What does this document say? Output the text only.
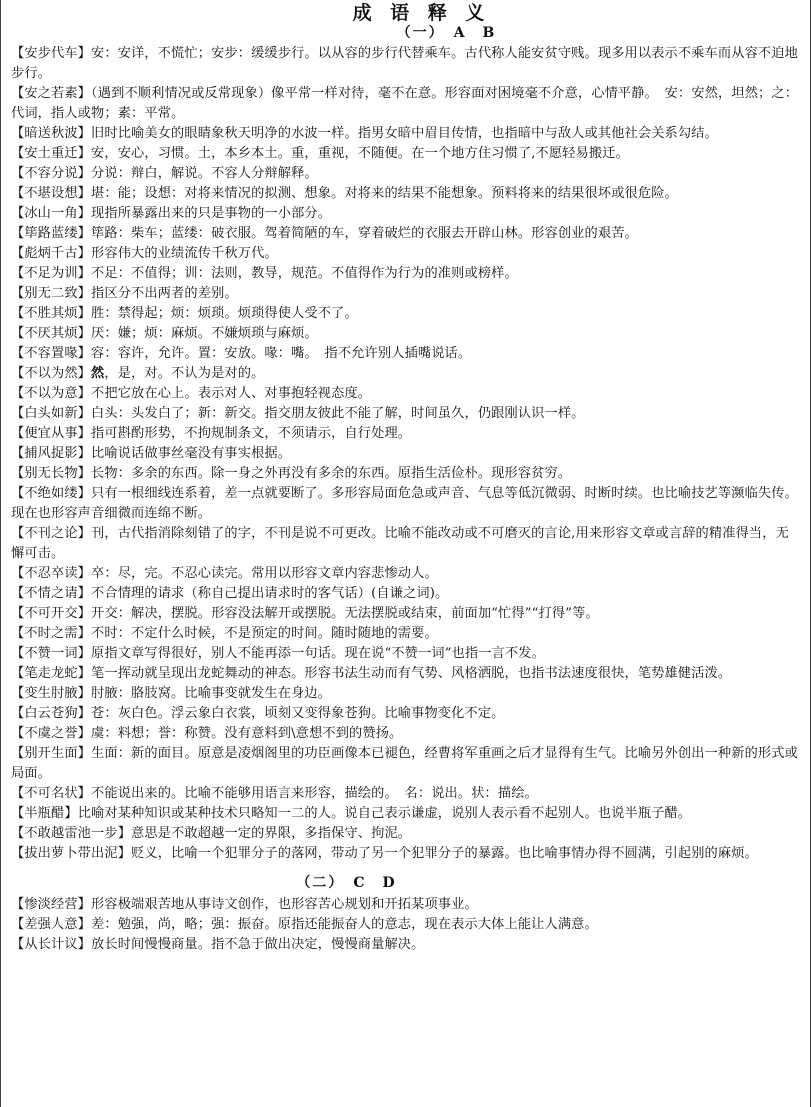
成 语 释 义
（一）　A　B

【安步代车】安：安详，不慌忙；安步：缓缓步行。以从容的步行代替乘车。古代称人能安贫守贱。现多用以表示不乘车而从容不迫地步行。

【安之若素】（遇到不顺利情况或反常现象）像平常一样对待，毫不在意。形容面对困境毫不介意，心情平静。　安：安然，坦然；之：代词，指人或物；素：平常。

【暗送秋波】旧时比喻美女的眼睛象秋天明净的水波一样。指男女暗中眉目传情，也指暗中与敌人或其他社会关系勾结。

【安土重迁】安，安心，习惯。土，本乡本土。重，重视，不随便。在一个地方住习惯了,不愿轻易搬迁。

【不容分说】分说：辩白，解说。不容人分辩解释。

【不堪设想】堪：能；设想：对将来情况的拟测、想象。对将来的结果不能想象。预料将来的结果很坏或很危险。

【冰山一角】现指所暴露出来的只是事物的一小部分。

【筚路蓝缕】筚路：柴车；蓝缕：破衣服。驾着简陋的车，穿着破烂的衣服去开辟山林。形容创业的艰苦。

【彪炳千古】形容伟大的业绩流传千秋万代。

【不足为训】不足：不值得；训：法则，教导，规范。不值得作为行为的准则或榜样。

【别无二致】指区分不出两者的差别。

【不胜其烦】胜：禁得起；烦：烦琐。烦琐得使人受不了。

【不厌其烦】厌：嫌；烦：麻烦。不嫌烦琐与麻烦。

【不容置喙】容：容许，允许。置：安放。喙：嘴。　指不允许别人插嘴说话。

【不以为然】然，是，对。不认为是对的。

【不以为意】不把它放在心上。表示对人、对事抱轻视态度。

【白头如新】白头：头发白了；新：新交。指交朋友彼此不能了解，时间虽久，仍跟刚认识一样。

【便宜从事】指可斟酌形势，不拘规制条文，不须请示，自行处理。

【捕风捉影】比喻说话做事丝毫没有事实根据。

【别无长物】长物：多余的东西。除一身之外再没有多余的东西。原指生活俭朴。现形容贫穷。

【不绝如缕】只有一根细线连系着，差一点就要断了。多形容局面危急或声音、气息等低沉微弱、时断时续。也比喻技艺等濒临失传。现在也形容声音细微而连绵不断。

【不刊之论】刊，古代指消除刻错了的字，不刊是说不可更改。比喻不能改动或不可磨灭的言论,用来形容文章或言辞的精准得当，无懈可击。

【不忍卒读】卒：尽，完。不忍心读完。常用以形容文章内容悲惨动人。

【不情之请】不合情理的请求（称自己提出请求时的客气话）(自谦之词)。

【不可开交】开交：解决，摆脱。形容没法解开或摆脱。无法摆脱或结束，前面加“忙得”“打得”等。

【不时之需】不时：不定什么时候，不是预定的时间。随时随地的需要。

【不赞一词】原指文章写得很好，别人不能再添一句话。现在说“不赞一词”也指一言不发。

【笔走龙蛇】笔一挥动就呈现出龙蛇舞动的神态。形容书法生动而有气势、风格洒脱，也指书法速度很快，笔势雄健活泼。

【变生肘腋】肘腋：胳肢窝。比喻事变就发生在身边。

【白云苍狗】苍：灰白色。浮云象白衣裳，顷刻又变得象苍狗。比喻事物变化不定。

【不虞之誉】虞：料想；誉：称赞。没有意料到\意想不到的赞扬。

【别开生面】生面：新的面目。原意是凌烟阁里的功臣画像本已褪色，经曹将军重画之后才显得有生气。比喻另外创出一种新的形式或局面。

【不可名状】不能说出来的。比喻不能够用语言来形容，描绘的。　名：说出。状：描绘。

【半瓶醋】比喻对某种知识或某种技术只略知一二的人。说自己表示谦虚，说别人表示看不起别人。也说半瓶子醋。

【不敢越雷池一步】意思是不敢超越一定的界限，多指保守、拘泥。

【拔出萝卜带出泥】贬义，比喻一个犯罪分子的落网，带动了另一个犯罪分子的暴露。也比喻事情办得不圆满，引起别的麻烦。

（二）　C　D

【惨淡经营】形容极端艰苦地从事诗文创作，也形容苦心规划和开拓某项事业。

【差强人意】差：勉强，尚，略；强：振奋。原指还能振奋人的意志，现在表示大体上能让人满意。

【从长计议】放长时间慢慢商量。指不急于做出决定，慢慢商量解决。
